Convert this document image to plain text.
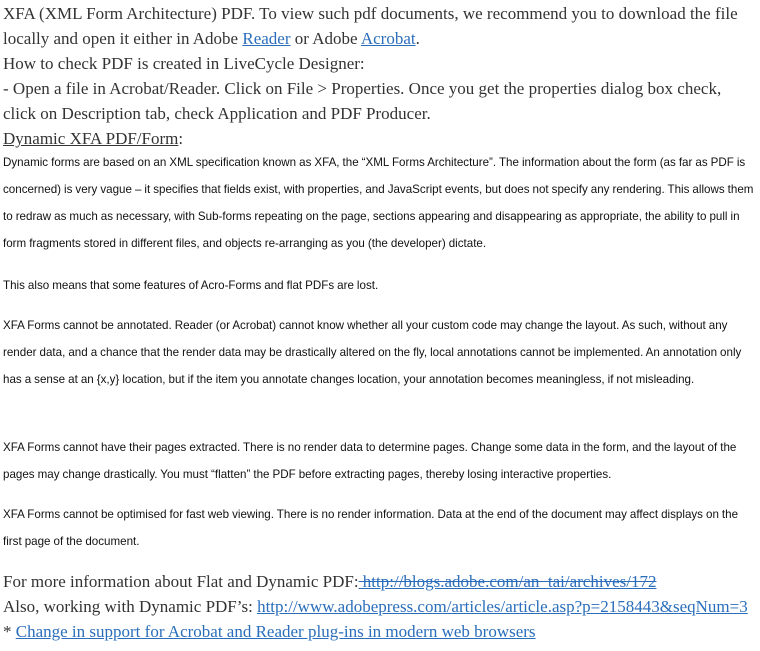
XFA (XML Form Architecture) PDF. To view such pdf documents, we recommend you to download the file locally and open it either in Adobe Reader or Adobe Acrobat.

How to check PDF is created in LiveCycle Designer:

- Open a file in Acrobat/Reader. Click on File > Properties. Once you get the properties dialog box check, click on Description tab, check Application and PDF Producer.

Dynamic XFA PDF/Form:

Dynamic forms are based on an XML specification known as XFA, the “XML Forms Architecture”. The information about the form (as far as PDF is concerned) is very vague – it specifies that fields exist, with properties, and JavaScript events, but does not specify any rendering. This allows them to redraw as much as necessary, with Sub-forms repeating on the page, sections appearing and disappearing as appropriate, the ability to pull in form fragments stored in different files, and objects re-arranging as you (the developer) dictate.

This also means that some features of Acro-Forms and flat PDFs are lost.

XFA Forms cannot be annotated. Reader (or Acrobat) cannot know whether all your custom code may change the layout. As such, without any render data, and a chance that the render data may be drastically altered on the fly, local annotations cannot be implemented. An annotation only has a sense at an {x,y} location, but if the item you annotate changes location, your annotation becomes meaningless, if not misleading.

XFA Forms cannot have their pages extracted. There is no render data to determine pages. Change some data in the form, and the layout of the pages may change drastically. You must “flatten” the PDF before extracting pages, thereby losing interactive properties.

XFA Forms cannot be optimised for fast web viewing. There is no render information. Data at the end of the document may affect displays on the first page of the document.

For more information about Flat and Dynamic PDF: http://blogs.adobe.com/an_tai/archives/172

Also, working with Dynamic PDF’s: http://www.adobepress.com/articles/article.asp?p=2158443&seqNum=3

* Change in support for Acrobat and Reader plug-ins in modern web browsers
